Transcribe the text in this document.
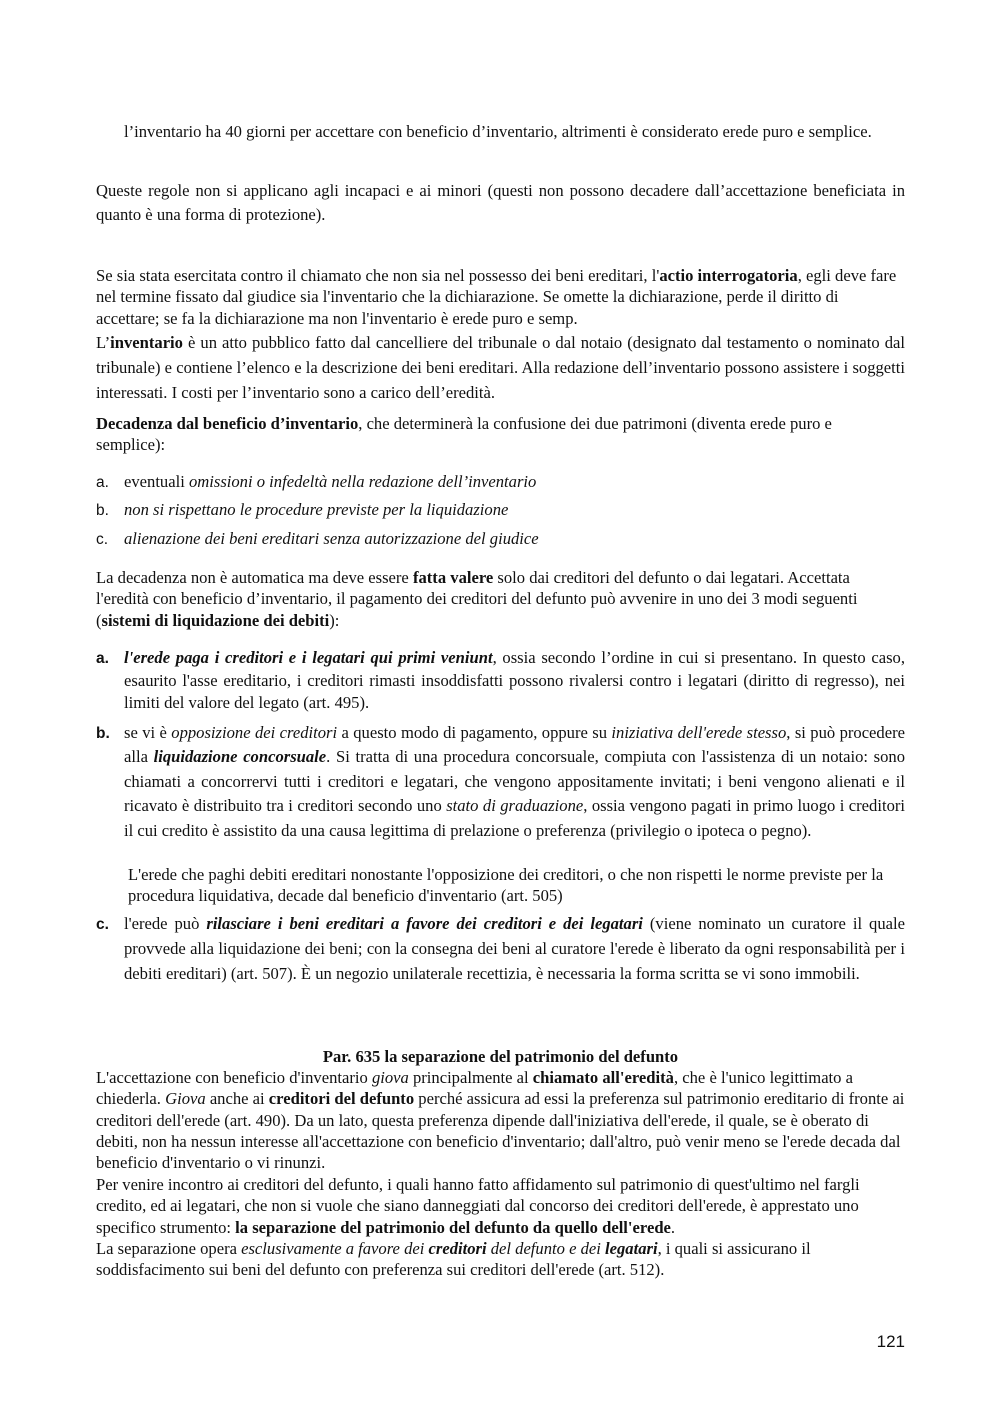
l’inventario ha 40 giorni per accettare con beneficio d’inventario, altrimenti è considerato erede puro e semplice.

Queste regole non si applicano agli incapaci e ai minori (questi non possono decadere dall’accettazione beneficiata in quanto è una forma di protezione).

Se sia stata esercitata contro il chiamato che non sia nel possesso dei beni ereditari, l'actio interrogatoria, egli deve fare nel termine fissato dal giudice sia l'inventario che la dichiarazione. Se omette la dichiarazione, perde il diritto di accettare; se fa la dichiarazione ma non l'inventario è erede puro e semp.

L’inventario è un atto pubblico fatto dal cancelliere del tribunale o dal notaio (designato dal testamento o nominato dal tribunale) e contiene l’elenco e la descrizione dei beni ereditari. Alla redazione dell’inventario possono assistere i soggetti interessati. I costi per l’inventario sono a carico dell’eredità.

Decadenza dal beneficio d’inventario, che determinerà la confusione dei due patrimoni (diventa erede puro e semplice):

a. eventuali omissioni o infedeltà nella redazione dell’inventario

b. non si rispettano le procedure previste per la liquidazione

c. alienazione dei beni ereditari senza autorizzazione del giudice

La decadenza non è automatica ma deve essere fatta valere solo dai creditori del defunto o dai legatari. Accettata l'eredità con beneficio d’inventario, il pagamento dei creditori del defunto può avvenire in uno dei 3 modi seguenti (sistemi di liquidazione dei debiti):

a. l'erede paga i creditori e i legatari qui primi veniunt, ossia secondo l’ordine in cui si presentano. In questo caso, esaurito l'asse ereditario, i creditori rimasti insoddisfatti possono rivalersi contro i legatari (diritto di regresso), nei limiti del valore del legato (art. 495).

b. se vi è opposizione dei creditori a questo modo di pagamento, oppure su iniziativa dell'erede stesso, si può procedere alla liquidazione concorsuale. Si tratta di una procedura concorsuale, compiuta con l'assistenza di un notaio: sono chiamati a concorrervi tutti i creditori e legatari, che vengono appositamente invitati; i beni vengono alienati e il ricavato è distribuito tra i creditori secondo uno stato di graduazione, ossia vengono pagati in primo luogo i creditori il cui credito è assistito da una causa legittima di prelazione o preferenza (privilegio o ipoteca o pegno).

L'erede che paghi debiti ereditari nonostante l'opposizione dei creditori, o che non rispetti le norme previste per la procedura liquidativa, decade dal beneficio d'inventario (art. 505)

c. l'erede può rilasciare i beni ereditari a favore dei creditori e dei legatari (viene nominato un curatore il quale provvede alla liquidazione dei beni; con la consegna dei beni al curatore l'erede è liberato da ogni responsabilità per i debiti ereditari) (art. 507). È un negozio unilaterale recettizia, è necessaria la forma scritta se vi sono immobili.

Par. 635 la separazione del patrimonio del defunto

L'accettazione con beneficio d'inventario giova principalmente al chiamato all'eredità, che è l'unico legittimato a chiederla. Giova anche ai creditori del defunto perché assicura ad essi la preferenza sul patrimonio ereditario di fronte ai creditori dell'erede (art. 490). Da un lato, questa preferenza dipende dall'iniziativa dell'erede, il quale, se è oberato di debiti, non ha nessun interesse all'accettazione con beneficio d'inventario; dall'altro, può venir meno se l'erede decada dal beneficio d'inventario o vi rinunzi.

Per venire incontro ai creditori del defunto, i quali hanno fatto affidamento sul patrimonio di quest'ultimo nel fargli credito, ed ai legatari, che non si vuole che siano danneggiati dal concorso dei creditori dell'erede, è apprestato uno specifico strumento: la separazione del patrimonio del defunto da quello dell'erede.

La separazione opera esclusivamente a favore dei creditori del defunto e dei legatari, i quali si assicurano il soddisfacimento sui beni del defunto con preferenza sui creditori dell'erede (art. 512).

121
